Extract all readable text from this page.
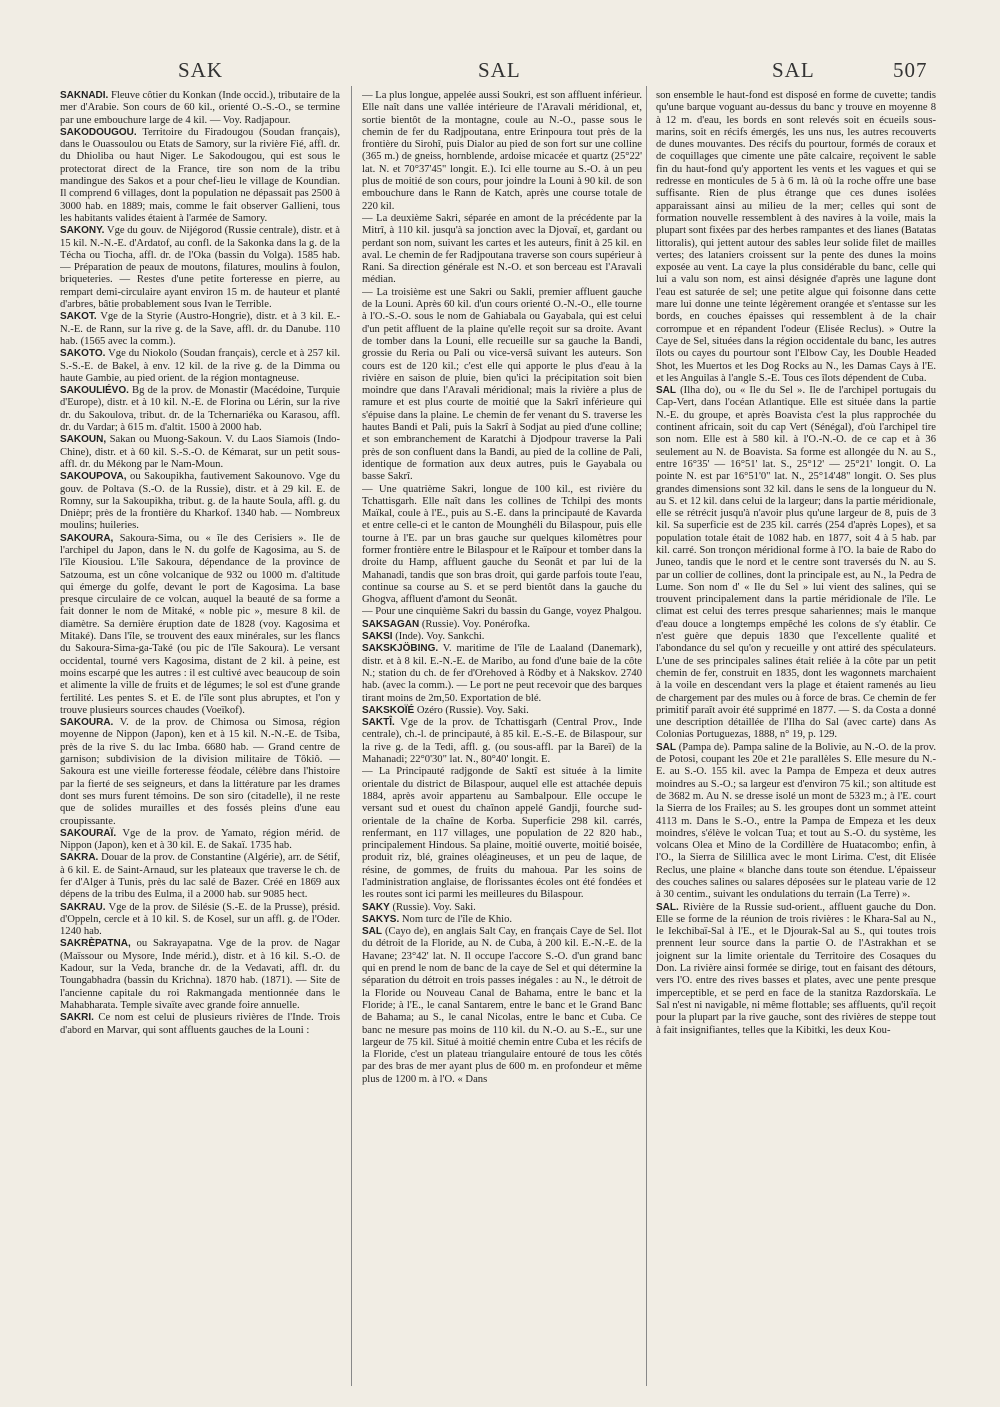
SAK	SAL	SAL	507

SAKNADI. Fleuve côtier du Konkan (Inde occid.), tributaire de la mer d'Arabie. Son cours de 60 kil., orienté O.-S.-O., se termine par une embouchure large de 4 kil. — Voy. Radjapour.

SAKODOUGOU. Territoire du Firadougou (Soudan français), dans le Ouassoulou ou Etats de Samory, sur la rivière Fié, affl. dr. du Dhioliba ou haut Niger. Le Sakodougou, qui est sous le protectorat direct de la France, tire son nom de la tribu mandingue des Sakos et a pour chef-lieu le village de Koundian. Il comprend 6 villages, dont la population ne dépassait pas 2500 à 3000 hab. en 1889; mais, comme le fait observer Gallieni, tous les habitants valides étaient à l'armée de Samory.

SAKONY. Vge du gouv. de Nijégorod (Russie centrale), distr. et à 15 kil. N.-N.-E. d'Ardatof, au confl. de la Sakonka dans la g. de la Técha ou Tiocha, affl. dr. de l'Oka (bassin du Volga). 1585 hab. — Préparation de peaux de moutons, filatures, moulins à foulon, briqueteries. — Restes d'une petite forteresse en pierre, au rempart demi-circulaire ayant environ 15 m. de hauteur et planté d'arbres, bâtie probablement sous Ivan le Terrible.

SAKOT. Vge de la Styrie (Austro-Hongrie), distr. et à 3 kil. E.-N.-E. de Rann, sur la rive g. de la Save, affl. dr. du Danube. 110 hab. (1565 avec la comm.).

SAKOTO. Vge du Niokolo (Soudan français), cercle et à 257 kil. S.-S.-E. de Bakel, à env. 12 kil. de la rive g. de la Dimma ou haute Gambie, au pied orient. de la région montagneuse.

SAKOULIÉVO. Bg de la prov. de Monastir (Macédoine, Turquie d'Europe), distr. et à 10 kil. N.-E. de Florina ou Lérin, sur la rive dr. du Sakoulova, tribut. dr. de la Tchernariéka ou Karasou, affl. dr. du Vardar; à 615 m. d'altit. 1500 à 2000 hab.

SAKOUN, Sakan ou Muong-Sakoun. V. du Laos Siamois (Indo-Chine), distr. et à 60 kil. S.-S.-O. de Kémarat, sur un petit sous-affl. dr. du Mékong par le Nam-Moun.

SAKOUPOVA, ou Sakoupikha, fautivement Sakounovo. Vge du gouv. de Poltava (S.-O. de la Russie), distr. et à 29 kil. E. de Romny, sur la Sakoupikha, tribut. g. de la haute Soula, affl. g. du Dnièpr; près de la frontière du Kharkof. 1340 hab. — Nombreux moulins; huileries.

SAKOURA, Sakoura-Sima, ou « île des Cerisiers ». Ile de l'archipel du Japon, dans le N. du golfe de Kagosima, au S. de l'île Kiousiou. L'île Sakoura, dépendance de la province de Satzouma, est un cône volcanique de 932 ou 1000 m. d'altitude qui émerge du golfe, devant le port de Kagosima. La base presque circulaire de ce volcan, auquel la beauté de sa forme a fait donner le nom de Mitaké, « noble pic », mesure 8 kil. de diamètre. Sa dernière éruption date de 1828 (voy. Kagosima et Mitaké). Dans l'île, se trouvent des eaux minérales, sur les flancs du Sakoura-Sima-ga-Také (ou pic de l'île Sakoura). Le versant occidental, tourné vers Kagosima, distant de 2 kil. à peine, est moins escarpé que les autres : il est cultivé avec beaucoup de soin et alimente la ville de fruits et de légumes; le sol est d'une grande fertilité. Les pentes S. et E. de l'île sont plus abruptes, et l'on y trouve plusieurs sources chaudes (Voeïkof).

SAKOURA. V. de la prov. de Chimosa ou Simosa, région moyenne de Nippon (Japon), ken et à 15 kil. N.-N.-E. de Tsiba, près de la rive S. du lac Imba. 6680 hab. — Grand centre de garnison; subdivision de la division militaire de Tôkiô. — Sakoura est une vieille forteresse féodale, célèbre dans l'histoire par la fierté de ses seigneurs, et dans la littérature par les drames dont ses murs furent témoins. De son siro (citadelle), il ne reste que de solides murailles et des fossés pleins d'une eau croupissante.

SAKOURAÏ. Vge de la prov. de Yamato, région mérid. de Nippon (Japon), ken et à 30 kil. E. de Sakaï. 1735 hab.

SAKRA. Douar de la prov. de Constantine (Algérie), arr. de Sétif, à 6 kil. E. de Saint-Arnaud, sur les plateaux que traverse le ch. de fer d'Alger à Tunis, près du lac salé de Bazer. Créé en 1869 aux dépens de la tribu des Eulma, il a 2000 hab. sur 9085 hect.

SAKRAU. Vge de la prov. de Silésie (S.-E. de la Prusse), présid. d'Oppeln, cercle et à 10 kil. S. de Kosel, sur un affl. g. de l'Oder. 1240 hab.

SAKRÈPATNA, ou Sakrayapatna. Vge de la prov. de Nagar (Maïssour ou Mysore, Inde mérid.), distr. et à 16 kil. S.-O. de Kadour, sur la Veda, branche dr. de la Vedavati, affl. dr. du Toungabhadra (bassin du Krichna). 1870 hab. (1871). — Site de l'ancienne capitale du roi Rakmangada mentionnée dans le Mahabharata. Temple sivaïte avec grande foire annuelle.

SAKRI. Ce nom est celui de plusieurs rivières de l'Inde. Trois d'abord en Marvar, qui sont affluents gauches de la Louni :

— La plus longue, appelée aussi Soukri, est son affluent inférieur. Elle naît dans une vallée intérieure de l'Aravali méridional, et, sortie bientôt de la montagne, coule au N.-O., passe sous le chemin de fer du Radjpoutana, entre Erinpoura tout près de la frontière du Sirohî, puis Dialor au pied de son fort sur une colline (365 m.) de gneiss, hornblende, ardoise micacée et quartz (25°22' lat. N. et 70°37'45" longit. E.). Ici elle tourne au S.-O. à un peu plus de moitié de son cours, pour joindre la Louni à 90 kil. de son embouchure dans le Rann de Katch, après une course totale de 220 kil.

— La deuxième Sakri, séparée en amont de la précédente par la Mitrî, à 110 kil. jusqu'à sa jonction avec la Djovaï, et, gardant ou perdant son nom, suivant les cartes et les auteurs, finit à 25 kil. en aval. Le chemin de fer Radjpoutana traverse son cours supérieur à Rani. Sa direction générale est N.-O. et son berceau est l'Aravali médian.

— La troisième est une Sakri ou Sakli, premier affluent gauche de la Louni. Après 60 kil. d'un cours orienté O.-N.-O., elle tourne à l'O.-S.-O. sous le nom de Gahiabala ou Gayabala, qui est celui d'un petit affluent de la plaine qu'elle reçoit sur sa droite. Avant de tomber dans la Louni, elle recueille sur sa gauche la Bandi, grossie du Reria ou Pali ou vice-versâ suivant les auteurs. Son cours est de 120 kil.; c'est elle qui apporte le plus d'eau à la rivière en saison de pluie, bien qu'ici la précipitation soit bien moindre que dans l'Aravali méridional; mais la rivière a plus de ramure et est plus courte de moitié que la Sakrî inférieure qui s'épuise dans la plaine. Le chemin de fer venant du S. traverse les hautes Bandi et Pali, puis la Sakrî à Sodjat au pied d'une colline; et son embranchement de Karatchi à Djodpour traverse la Pali près de son confluent dans la Bandi, au pied de la colline de Pali, identique de formation aux deux autres, puis le Gayabala ou basse Sakrî.

— Une quatrième Sakri, longue de 100 kil., est rivière du Tchattisgarh. Elle naît dans les collines de Tchilpi des monts Maïkal, coule à l'E., puis au S.-E. dans la principauté de Kavarda et entre celle-ci et le canton de Mounghéli du Bilaspour, puis elle tourne à l'E. par un bras gauche sur quelques kilomètres pour former frontière entre le Bilaspour et le Raïpour et tomber dans la droite du Hamp, affluent gauche du Seonât et par lui de la Mahanadi, tandis que son bras droit, qui garde parfois toute l'eau, continue sa course au S. et se perd bientôt dans la gauche du Ghogva, affluent d'amont du Seonât.

— Pour une cinquième Sakri du bassin du Gange, voyez Phalgou.

SAKSAGAN (Russie). Voy. Ponérofka.

SAKSI (Inde). Voy. Sankchi.

SAKSKJÖBING. V. maritime de l'île de Laaland (Danemark), distr. et à 8 kil. E.-N.-E. de Maribo, au fond d'une baie de la côte N.; station du ch. de fer d'Orehoved à Rödby et à Nakskov. 2740 hab. (avec la comm.). — Le port ne peut recevoir que des barques tirant moins de 2m,50. Exportation de blé.

SAKSKOÏÉ Ozéro (Russie). Voy. Saki.

SAKTÎ. Vge de la prov. de Tchattisgarh (Central Prov., Inde centrale), ch.-l. de principauté, à 85 kil. E.-S.-E. de Bilaspour, sur la rive g. de la Tedi, affl. g. (ou sous-affl. par la Bareï) de la Mahanadi; 22°0'30" lat. N., 80°40' longit. E.

— La Principauté radjgonde de Saktî est située à la limite orientale du district de Bilaspour, auquel elle est attachée depuis 1884, après avoir appartenu au Sambalpour. Elle occupe le versant sud et ouest du chaînon appelé Gandji, fourche sud-orientale de la chaîne de Korba. Superficie 298 kil. carrés, renfermant, en 117 villages, une population de 22 820 hab., principalement Hindous. Sa plaine, moitié ouverte, moitié boisée, produit riz, blé, graines oléagineuses, et un peu de laque, de résine, de gommes, de fruits du mahoua. Par les soins de l'administration anglaise, de florissantes écoles ont été fondées et les routes sont ici parmi les meilleures du Bilaspour.

SAKY (Russie). Voy. Saki.

SAKYS. Nom turc de l'île de Khio.

SAL (Cayo de), en anglais Salt Cay, en français Caye de Sel. Ilot du détroit de la Floride, au N. de Cuba, à 200 kil. E.-N.-E. de la Havane; 23°42' lat. N. Il occupe l'accore S.-O. d'un grand banc qui en prend le nom de banc de la caye de Sel et qui détermine la séparation du détroit en trois passes inégales : au N., le détroit de la Floride ou Nouveau Canal de Bahama, entre le banc et la Floride; à l'E., le canal Santarem, entre le banc et le Grand Banc de Bahama; au S., le canal Nicolas, entre le banc et Cuba. Ce banc ne mesure pas moins de 110 kil. du N.-O. au S.-E., sur une largeur de 75 kil. Situé à moitié chemin entre Cuba et les récifs de la Floride, c'est un plateau triangulaire entouré de tous les côtés par des bras de mer ayant plus de 600 m. en profondeur et même plus de 1200 m. à l'O. « Dans

son ensemble le haut-fond est disposé en forme de cuvette; tandis qu'une barque voguant au-dessus du banc y trouve en moyenne 8 à 12 m. d'eau, les bords en sont relevés soit en écueils sous-marins, soit en récifs émergés, les uns nus, les autres recouverts de dunes mouvantes. Des récifs du pourtour, formés de coraux et de coquillages que cimente une pâte calcaire, reçoivent le sable fin du haut-fond qu'y apportent les vents et les vagues et qui se redresse en monticules de 5 à 6 m. là où la roche offre une base suffisante. Rien de plus étrange que ces dunes isolées apparaissant ainsi au milieu de la mer; celles qui sont de formation nouvelle ressemblent à des navires à la voile, mais la plupart sont fixées par des herbes rampantes et des lianes (Batatas littoralis), qui jettent autour des sables leur solide filet de mailles vertes; des lataniers croissent sur la pente des dunes la moins exposée au vent. La caye la plus considérable du banc, celle qui lui a valu son nom, est ainsi désignée d'après une lagune dont l'eau est saturée de sel; une petite algue qui foisonne dans cette mare lui donne une teinte légèrement orangée et s'entasse sur les bords, en couches épaisses qui ressemblent à de la chair corrompue et en répandent l'odeur (Elisée Reclus). » Outre la Caye de Sel, situées dans la région occidentale du banc, les autres îlots ou cayes du pourtour sont l'Elbow Cay, les Double Headed Shot, les Muertos et les Dog Rocks au N., les Damas Cays à l'E. et les Anguilas à l'angle S.-E. Tous ces îlots dépendent de Cuba.

SAL (Ilha do), ou « Ile du Sel ». Ile de l'archipel portugais du Cap-Vert, dans l'océan Atlantique. Elle est située dans la partie N.-E. du groupe, et après Boavista c'est la plus rapprochée du continent africain, soit du cap Vert (Sénégal), d'où l'archipel tire son nom. Elle est à 580 kil. à l'O.-N.-O. de ce cap et à 36 seulement au N. de Boavista. Sa forme est allongée du N. au S., entre 16°35' — 16°51' lat. S., 25°12' — 25°21' longit. O. La pointe N. est par 16°51'0" lat. N., 25°14'48" longit. O. Ses plus grandes dimensions sont 32 kil. dans le sens de la longueur du N. au S. et 12 kil. dans celui de la largeur; dans la partie méridionale, elle se rétrécit jusqu'à n'avoir plus qu'une largeur de 8, puis de 3 kil. Sa superficie est de 235 kil. carrés (254 d'après Lopes), et sa population totale était de 1082 hab. en 1877, soit 4 à 5 hab. par kil. carré. Son tronçon méridional forme à l'O. la baie de Rabo do Juneo, tandis que le nord et le centre sont traversés du N. au S. par un collier de collines, dont la principale est, au N., la Pedra de Lume. Son nom d' « Ile du Sel » lui vient des salines, qui se trouvent principalement dans la partie méridionale de l'île. Le climat est celui des terres presque sahariennes; mais le manque d'eau douce a longtemps empêché les colons de s'y établir. Ce n'est guère que depuis 1830 que l'excellente qualité et l'abondance du sel qu'on y recueille y ont attiré des spéculateurs. L'une de ses principales salines était reliée à la côte par un petit chemin de fer, construit en 1835, dont les wagonnets marchaient à la voile en descendant vers la plage et étaient ramenés au lieu de chargement par des mules ou à force de bras. Ce chemin de fer primitif paraît avoir été supprimé en 1877. — S. da Costa a donné une description détaillée de l'Ilha do Sal (avec carte) dans As Colonias Portuguezas, 1888, n° 19, p. 129.

SAL (Pampa de). Pampa saline de la Bolivie, au N.-O. de la prov. de Potosi, coupant les 20e et 21e parallèles S. Elle mesure du N.-E. au S.-O. 155 kil. avec la Pampa de Empeza et deux autres moindres au S.-O.; sa largeur est d'environ 75 kil.; son altitude est de 3682 m. Au N. se dresse isolé un mont de 5323 m.; à l'E. court la Sierra de los Frailes; au S. les groupes dont un sommet atteint 4113 m. Dans le S.-O., entre la Pampa de Empeza et les deux moindres, s'élève le volcan Tua; et tout au S.-O. du système, les volcans Olea et Mino de la Cordillère de Huatacombo; enfin, à l'O., la Sierra de Silillica avec le mont Lirima. C'est, dit Elisée Reclus, une plaine « blanche dans toute son étendue. L'épaisseur des couches salines ou salares déposées sur le plateau varie de 12 à 30 centim., suivant les ondulations du terrain (La Terre) ».

SAL. Rivière de la Russie sud-orient., affluent gauche du Don. Elle se forme de la réunion de trois rivières : le Khara-Sal au N., le Iekchibaï-Sal à l'E., et le Djourak-Sal au S., qui toutes trois prennent leur source dans la partie O. de l'Astrakhan et se joignent sur la limite orientale du Territoire des Cosaques du Don. La rivière ainsi formée se dirige, tout en faisant des détours, vers l'O. entre des rives basses et plates, avec une pente presque imperceptible, et se perd en face de la stanitza Razdorskaïa. Le Sal n'est ni navigable, ni même flottable; ses affluents, qu'il reçoit pour la plupart par la rive gauche, sont des rivières de steppe tout à fait insignifiantes, telles que la Kibitki, les deux Kou-
